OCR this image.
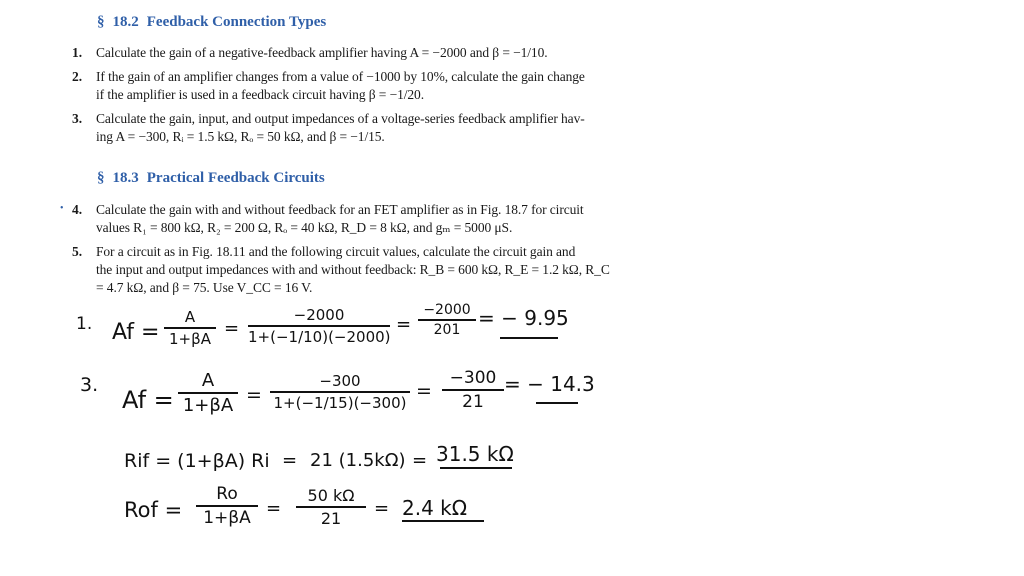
§ 18.2 Feedback Connection Types
1.	Calculate the gain of a negative-feedback amplifier having A = −2000 and β = −1/10.
2.	If the gain of an amplifier changes from a value of −1000 by 10%, calculate the gain change
if the amplifier is used in a feedback circuit having β = −1/20.
3.	Calculate the gain, input, and output impedances of a voltage-series feedback amplifier hav-
ing A = −300, Rᵢ = 1.5 kΩ, Rₒ = 50 kΩ, and β = −1/15.
§ 18.3 Practical Feedback Circuits
• 4.	Calculate the gain with and without feedback for an FET amplifier as in Fig. 18.7 for circuit
values R₁ = 800 kΩ, R₂ = 200 Ω, Rₒ = 40 kΩ, R_D = 8 kΩ, and gₘ = 5000 μS.
5.	For a circuit as in Fig. 18.11 and the following circuit values, calculate the circuit gain and
the input and output impedances with and without feedback: R_B = 600 kΩ, R_E = 1.2 kΩ, R_C
= 4.7 kΩ, and β = 75. Use V_CC = 16 V.
1. Af =
A
1+βA =
−2000
1+(−1/10)(−2000)
=
−2000
201 = − 9.95
3.
Af =
A
1+βA =
−300
1+(−1/15)(−300)
=
−300
21
= − 14.3
Rif = (1+βA) Ri = 21 (1.5kΩ) = 31.5 kΩ
Rof =
Ro
1+βA =
50 kΩ
21	= 2.4 kΩ
